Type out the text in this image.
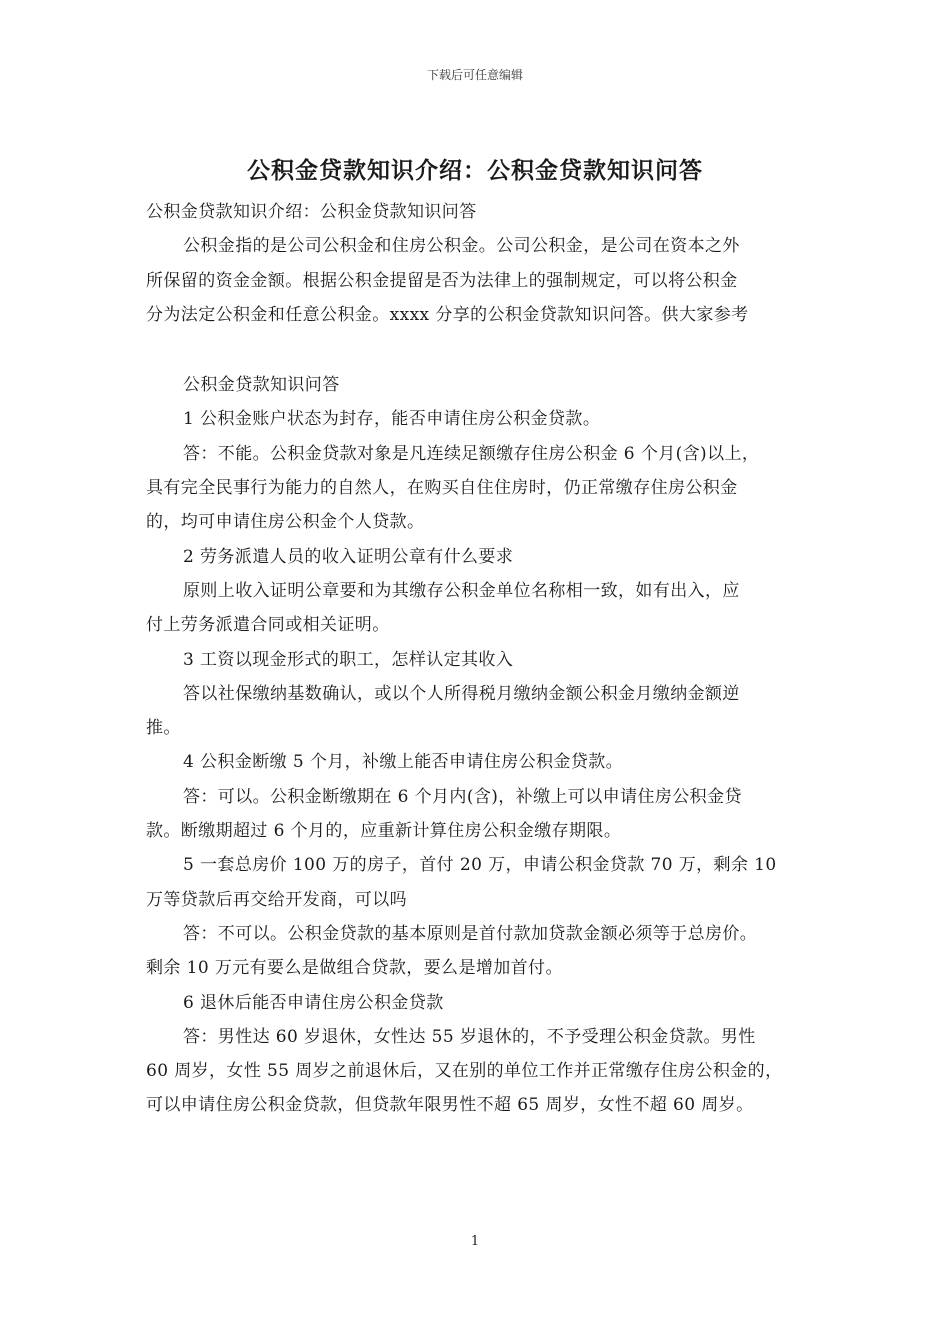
下载后可任意编辑
公积金贷款知识介绍：公积金贷款知识问答
公积金贷款知识介绍：公积金贷款知识问答
公积金指的是公司公积金和住房公积金。公司公积金，是公司在资本之外
所保留的资金金额。根据公积金提留是否为法律上的强制规定，可以将公积金
分为法定公积金和任意公积金。xxxx 分享的公积金贷款知识问答。供大家参考
公积金贷款知识问答
1 公积金账户状态为封存，能否申请住房公积金贷款。
答：不能。公积金贷款对象是凡连续足额缴存住房公积金 6 个月(含)以上，
具有完全民事行为能力的自然人，在购买自住住房时，仍正常缴存住房公积金
的，均可申请住房公积金个人贷款。
2 劳务派遣人员的收入证明公章有什么要求
原则上收入证明公章要和为其缴存公积金单位名称相一致，如有出入，应
付上劳务派遣合同或相关证明。
3 工资以现金形式的职工，怎样认定其收入
答以社保缴纳基数确认，或以个人所得税月缴纳金额公积金月缴纳金额逆
推。
4 公积金断缴 5 个月，补缴上能否申请住房公积金贷款。
答：可以。公积金断缴期在 6 个月内(含)，补缴上可以申请住房公积金贷
款。断缴期超过 6 个月的，应重新计算住房公积金缴存期限。
5 一套总房价 100 万的房子，首付 20 万，申请公积金贷款 70 万，剩余 10
万等贷款后再交给开发商，可以吗
答：不可以。公积金贷款的基本原则是首付款加贷款金额必须等于总房价。
剩余 10 万元有要么是做组合贷款，要么是增加首付。
6 退休后能否申请住房公积金贷款
答：男性达 60 岁退休，女性达 55 岁退休的，不予受理公积金贷款。男性
60 周岁，女性 55 周岁之前退休后，又在别的单位工作并正常缴存住房公积金的，
可以申请住房公积金贷款，但贷款年限男性不超 65 周岁，女性不超 60 周岁。
1
